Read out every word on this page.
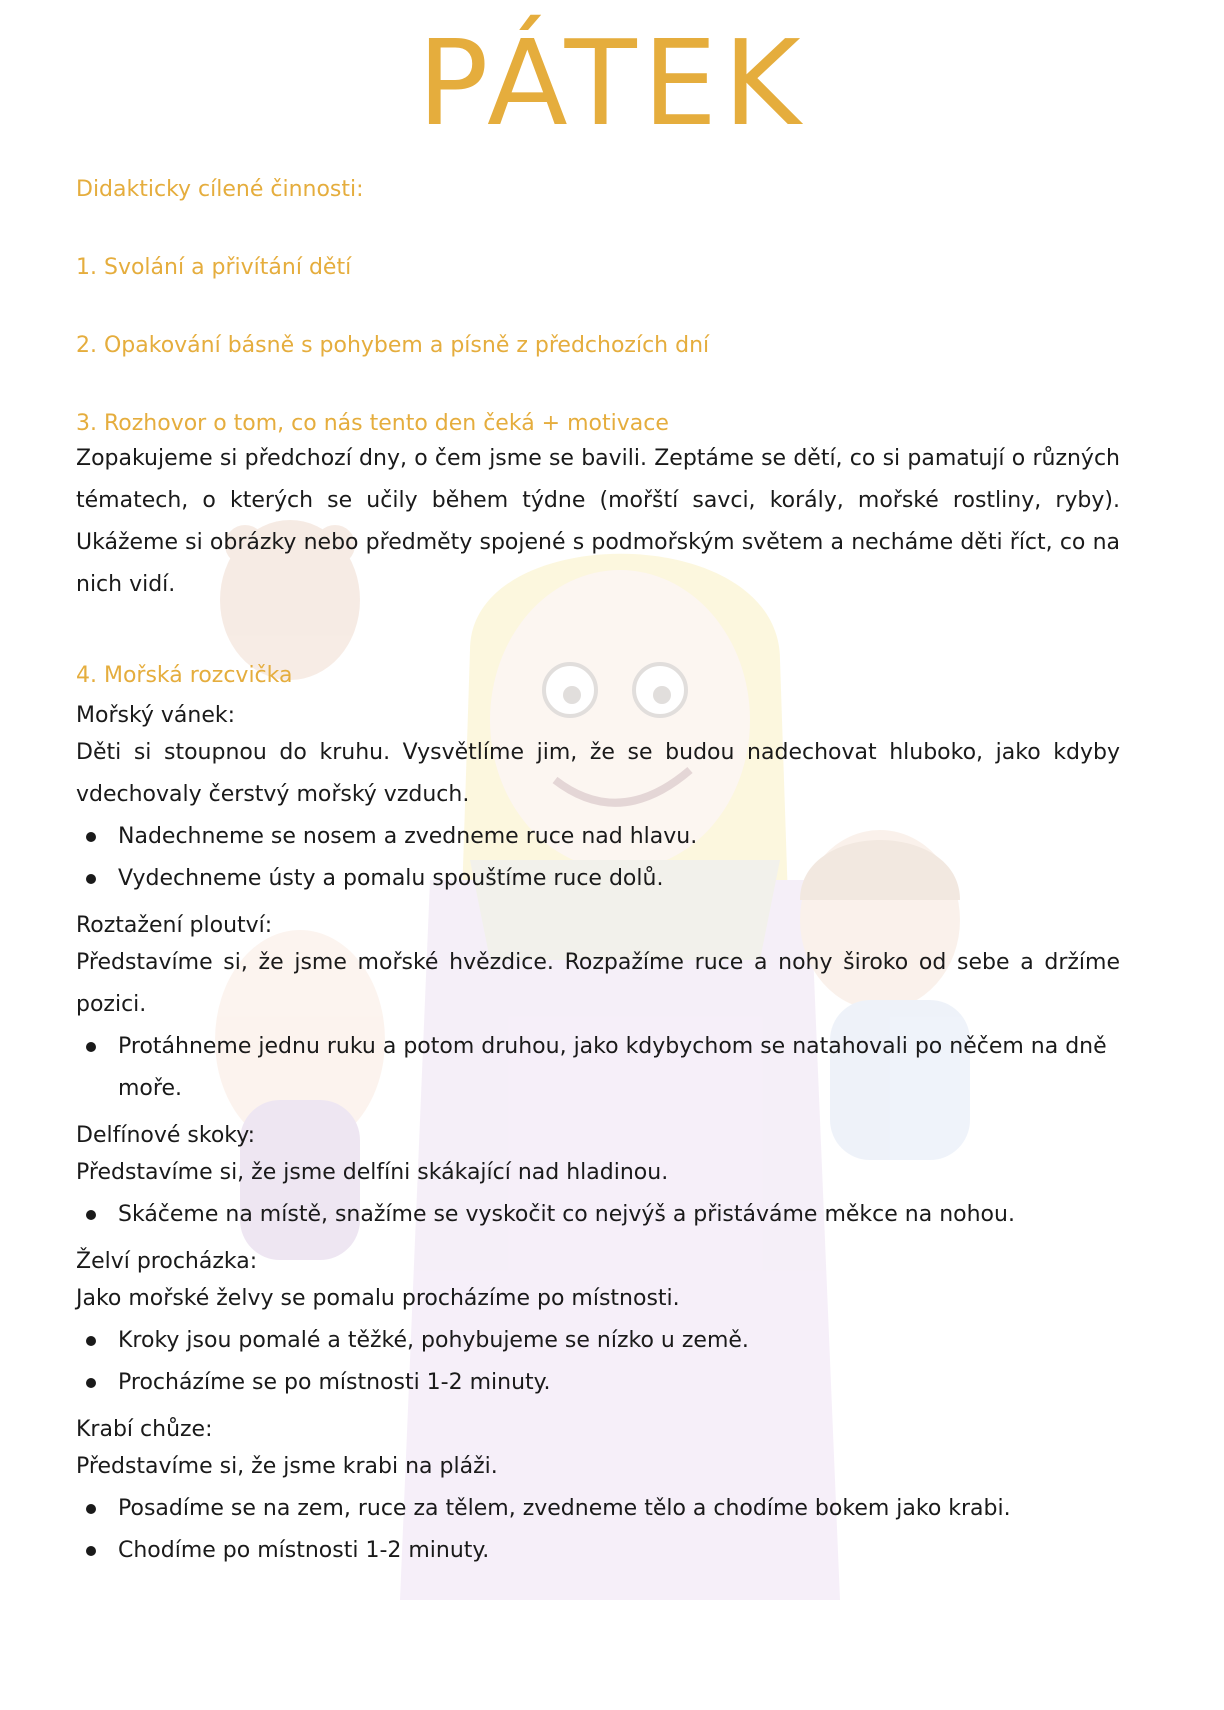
PÁTEK
Didakticky cílené činnosti:
1. Svolání a přivítání dětí
2. Opakování básně s pohybem a písně z předchozích dní
3. Rozhovor o tom, co nás tento den čeká + motivace
Zopakujeme si předchozí dny, o čem jsme se bavili. Zeptáme se dětí, co si pamatují o různých tématech, o kterých se učily během týdne (mořští savci, korály, mořské rostliny, ryby). Ukážeme si obrázky nebo předměty spojené s podmořským světem a necháme děti říct, co na nich vidí.
4. Mořská rozcvička
Mořský vánek:
Děti si stoupnou do kruhu. Vysvětlíme jim, že se budou nadechovat hluboko, jako kdyby vdechovaly čerstvý mořský vzduch.
Nadechneme se nosem a zvedneme ruce nad hlavu.
Vydechneme ústy a pomalu spouštíme ruce dolů.
Roztažení ploutví:
Představíme si, že jsme mořské hvězdice. Rozpažíme ruce a nohy široko od sebe a držíme pozici.
Protáhneme jednu ruku a potom druhou, jako kdybychom se natahovali po něčem na dně moře.
Delfínové skoky:
Představíme si, že jsme delfíni skákající nad hladinou.
Skáčeme na místě, snažíme se vyskočit co nejvýš a přistáváme měkce na nohou.
Želví procházka:
Jako mořské želvy se pomalu procházíme po místnosti.
Kroky jsou pomalé a těžké, pohybujeme se nízko u země.
Procházíme se po místnosti 1-2 minuty.
Krabí chůze:
Představíme si, že jsme krabi na pláži.
Posadíme se na zem, ruce za tělem, zvedneme tělo a chodíme bokem jako krabi.
Chodíme po místnosti 1-2 minuty.
